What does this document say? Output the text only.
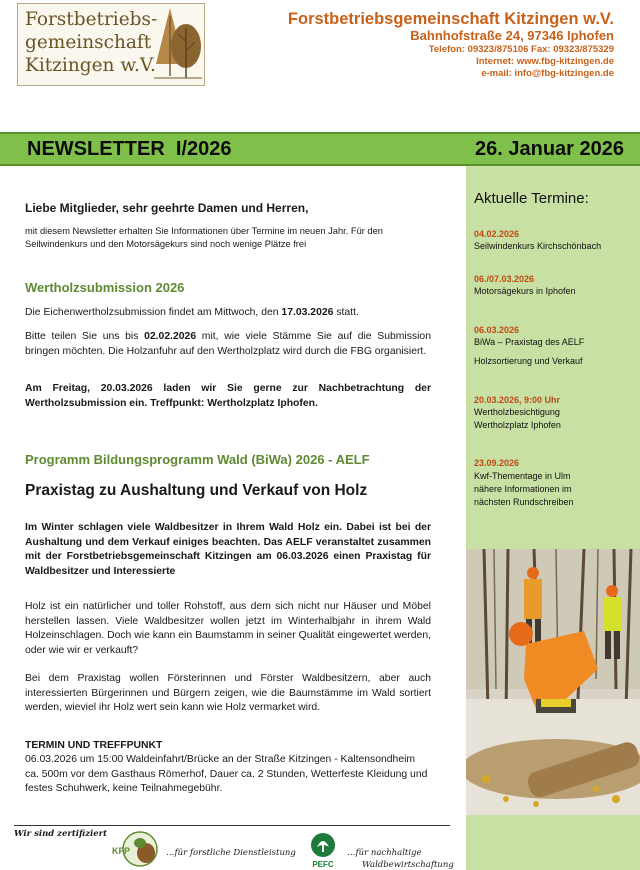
Forstbetriebs-
gemeinschaft
Kitzingen w.V.
Forstbetriebsgemeinschaft Kitzingen w.V.
Bahnhofstraße 24, 97346 Iphofen
Telefon: 09323/875106 Fax: 09323/875329
Internet: www.fbg-kitzingen.de
e-mail: info@fbg-kitzingen.de
NEWSLETTER  I/2026	26. Januar 2026
Aktuelle Termine:
04.02.2026
Seilwindenkurs Kirchschönbach
06./07.03.2026
Motorsägekurs in Iphofen
06.03.2026
BiWa – Praxistag des AELF
Holzsortierung und Verkauf
20.03.2026, 9:00 Uhr
Wertholzbesichtigung
Wertholzplatz Iphofen
23.09.2026
Kwf-Thementage in Ulm
nähere Informationen im
nächsten Rundschreiben
Liebe Mitglieder, sehr geehrte Damen und Herren,
mit diesem Newsletter erhalten Sie Informationen über Termine im neuen Jahr. Für den
Seilwindenkurs und den Motorsägekurs sind noch wenige Plätze frei
Wertholzsubmission 2026
Die Eichenwertholzsubmission findet am Mittwoch, den 17.03.2026 statt.
Bitte teilen Sie uns bis 02.02.2026 mit, wie viele Stämme Sie auf die Submission bringen möchten. Die Holzanfuhr auf den Wertholzplatz wird durch die FBG organisiert.
Am Freitag, 20.03.2026 laden wir Sie gerne zur Nachbetrachtung der Wertholzsubmission ein. Treffpunkt: Wertholzplatz Iphofen.
Programm Bildungsprogramm Wald (BiWa) 2026 - AELF
Praxistag zu Aushaltung und Verkauf von Holz
Im Winter schlagen viele Waldbesitzer in Ihrem Wald Holz ein. Dabei ist bei der Aushaltung und dem Verkauf einiges beachten. Das AELF veranstaltet zusammen mit der Forstbetriebsgemeinschaft Kitzingen am 06.03.2026 einen Praxistag für Waldbesitzer und Interessierte
Holz ist ein natürlicher und toller Rohstoff, aus dem sich nicht nur Häuser und Möbel herstellen lassen. Viele Waldbesitzer wollen jetzt im Winterhalbjahr in ihrem Wald Holzeinschlagen. Doch wie kann ein Baumstamm in seiner Qualität eingewertet werden, oder wie wir er verkauft?
Bei dem Praxistag wollen Försterinnen und Förster Waldbesitzern, aber auch interessierten Bürgerinnen und Bürgern zeigen, wie die Baumstämme im Wald sortiert werden, wieviel ihr Holz wert sein kann wie Holz vermarket wird.
TERMIN UND TREFFPUNKT
06.03.2026 um 15:00 Waldeinfahrt/Brücke an der Straße Kitzingen - Kaltensondheim ca. 500m vor dem Gasthaus Römerhof, Dauer ca. 2 Stunden, Wetterfeste Kleidung und festes Schuhwerk, keine Teilnahmegebühr.
Wir sind zertifiziert
KFP	…für forstliche Dienstleistung
PEFC
…für nachhaltige
Waldbewirtschaftung
